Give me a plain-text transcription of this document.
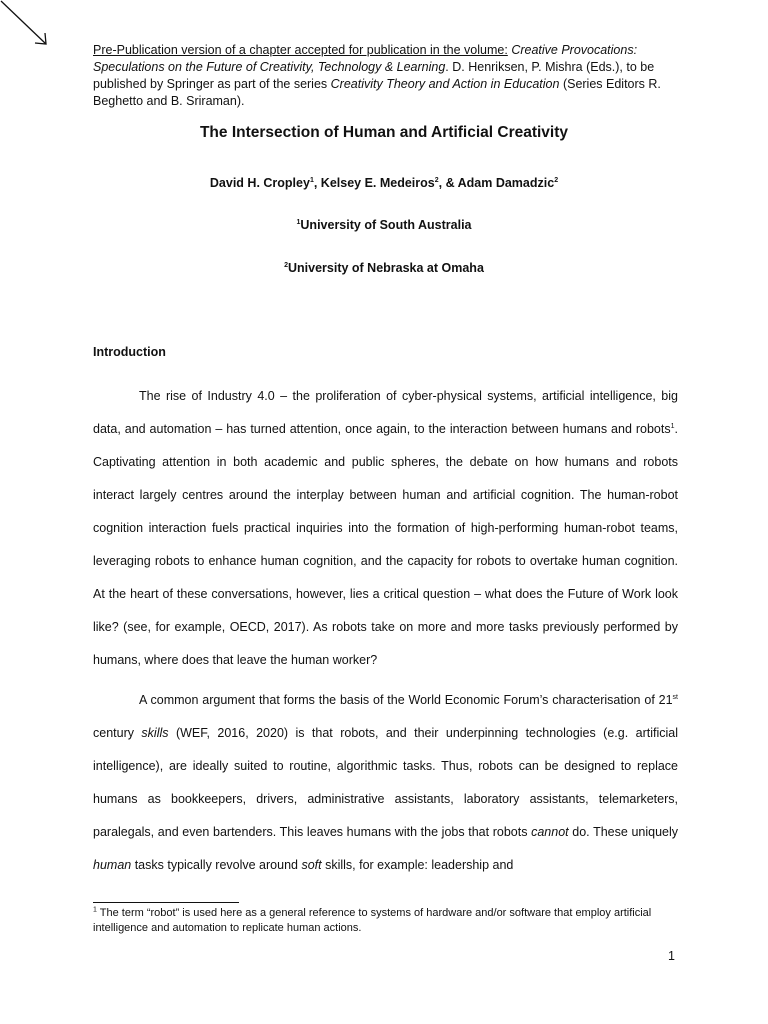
Pre-Publication version of a chapter accepted for publication in the volume: Creative Provocations: Speculations on the Future of Creativity, Technology & Learning. D. Henriksen, P. Mishra (Eds.), to be published by Springer as part of the series Creativity Theory and Action in Education (Series Editors R. Beghetto and B. Sriraman).

The Intersection of Human and Artificial Creativity
David H. Cropley$^1$, Kelsey E. Medeiros$^2$, & Adam Damadzic$^2$
$^1$University of South Australia
$^2$University of Nebraska at Omaha
Introduction

The rise of Industry 4.0 – the proliferation of cyber-physical systems, artificial intelligence, big data, and automation – has turned attention, once again, to the interaction between humans and robots$^1$. Captivating attention in both academic and public spheres, the debate on how humans and robots interact largely centres around the interplay between human and artificial cognition. The human-robot cognition interaction fuels practical inquiries into the formation of high-performing human-robot teams, leveraging robots to enhance human cognition, and the capacity for robots to overtake human cognition. At the heart of these conversations, however, lies a critical question – what does the Future of Work look like? (see, for example, OECD, 2017). As robots take on more and more tasks previously performed by humans, where does that leave the human worker?

A common argument that forms the basis of the World Economic Forum’s characterisation of 21st century skills (WEF, 2016, 2020) is that robots, and their underpinning technologies (e.g. artificial intelligence), are ideally suited to routine, algorithmic tasks. Thus, robots can be designed to replace humans as bookkeepers, drivers, administrative assistants, laboratory assistants, telemarketers, paralegals, and even bartenders. This leaves humans with the jobs that robots cannot do. These uniquely human tasks typically revolve around soft skills, for example: leadership and

$^1$ The term “robot” is used here as a general reference to systems of hardware and/or software that employ artificial intelligence and automation to replicate human actions.

1
